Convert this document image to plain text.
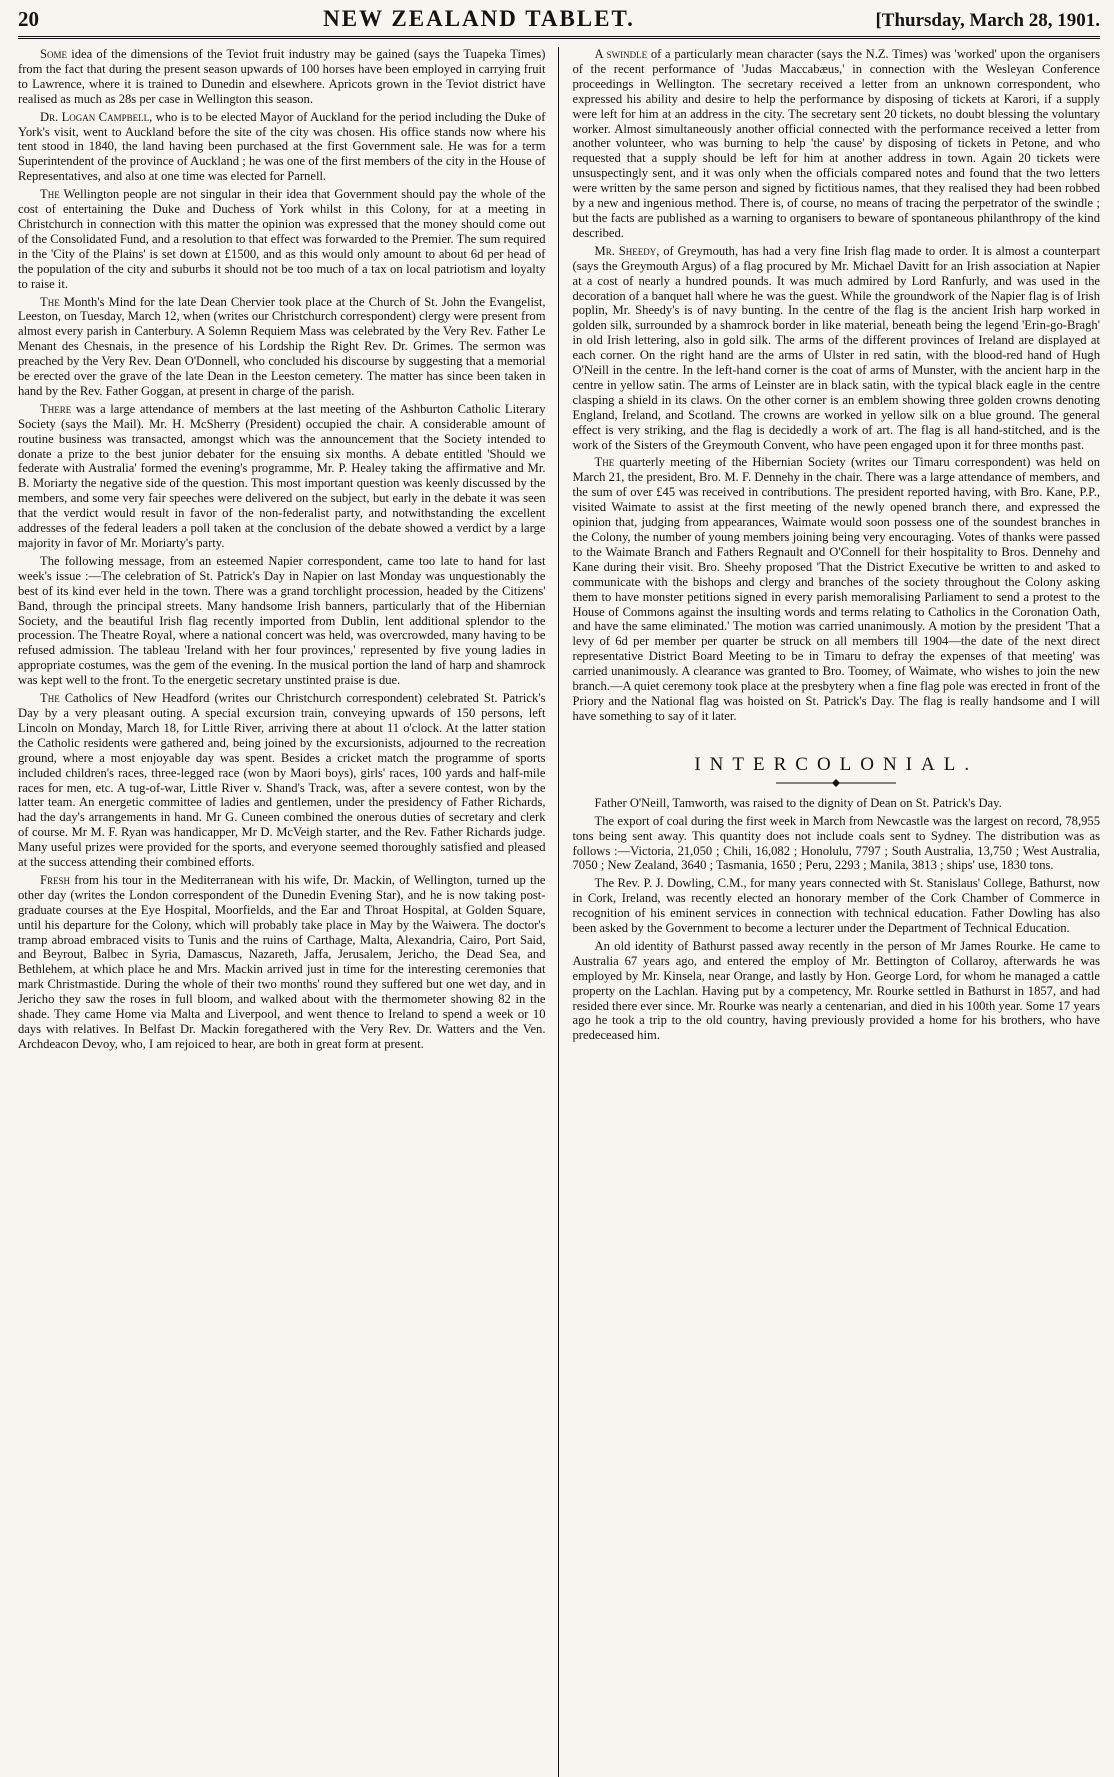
20	NEW ZEALAND TABLET.	[Thursday, March 28, 1901.

Some idea of the dimensions of the Teviot fruit industry may be gained (says the Tuapeka Times) from the fact that during the present season upwards of 100 horses have been employed in carrying fruit to Lawrence, where it is trained to Dunedin and elsewhere. Apricots grown in the Teviot district have realised as much as 28s per case in Wellington this season.

Dr. Logan Campbell, who is to be elected Mayor of Auckland for the period including the Duke of York's visit, went to Auckland before the site of the city was chosen. His office stands now where his tent stood in 1840, the land having been purchased at the first Government sale. He was for a term Superintendent of the province of Auckland ; he was one of the first members of the city in the House of Representatives, and also at one time was elected for Parnell.

The Wellington people are not singular in their idea that Government should pay the whole of the cost of entertaining the Duke and Duchess of York whilst in this Colony, for at a meeting in Christchurch in connection with this matter the opinion was expressed that the money should come out of the Consolidated Fund, and a resolution to that effect was forwarded to the Premier. The sum required in the 'City of the Plains' is set down at £1500, and as this would only amount to about 6d per head of the population of the city and suburbs it should not be too much of a tax on local patriotism and loyalty to raise it.

The Month's Mind for the late Dean Chervier took place at the Church of St. John the Evangelist, Leeston, on Tuesday, March 12, when (writes our Christchurch correspondent) clergy were present from almost every parish in Canterbury. A Solemn Requiem Mass was celebrated by the Very Rev. Father Le Menant des Chesnais, in the presence of his Lordship the Right Rev. Dr. Grimes. The sermon was preached by the Very Rev. Dean O'Donnell, who concluded his discourse by suggesting that a memorial be erected over the grave of the late Dean in the Leeston cemetery. The matter has since been taken in hand by the Rev. Father Goggan, at present in charge of the parish.

There was a large attendance of members at the last meeting of the Ashburton Catholic Literary Society (says the Mail). Mr. H. McSherry (President) occupied the chair. A considerable amount of routine business was transacted, amongst which was the announcement that the Society intended to donate a prize to the best junior debater for the ensuing six months. A debate entitled 'Should we federate with Australia' formed the evening's programme, Mr. P. Healey taking the affirmative and Mr. B. Moriarty the negative side of the question. This most important question was keenly discussed by the members, and some very fair speeches were delivered on the subject, but early in the debate it was seen that the verdict would result in favor of the non-federalist party, and notwithstanding the excellent addresses of the federal leaders a poll taken at the conclusion of the debate showed a verdict by a large majority in favor of Mr. Moriarty's party.

The following message, from an esteemed Napier correspondent, came too late to hand for last week's issue :—The celebration of St. Patrick's Day in Napier on last Monday was unquestionably the best of its kind ever held in the town. There was a grand torchlight procession, headed by the Citizens' Band, through the principal streets. Many handsome Irish banners, particularly that of the Hibernian Society, and the beautiful Irish flag recently imported from Dublin, lent additional splendor to the procession. The Theatre Royal, where a national concert was held, was overcrowded, many having to be refused admission. The tableau 'Ireland with her four provinces,' represented by five young ladies in appropriate costumes, was the gem of the evening. In the musical portion the land of harp and shamrock was kept well to the front. To the energetic secretary unstinted praise is due.

The Catholics of New Headford (writes our Christchurch correspondent) celebrated St. Patrick's Day by a very pleasant outing. A special excursion train, conveying upwards of 150 persons, left Lincoln on Monday, March 18, for Little River, arriving there at about 11 o'clock. At the latter station the Catholic residents were gathered and, being joined by the excursionists, adjourned to the recreation ground, where a most enjoyable day was spent. Besides a cricket match the programme of sports included children's races, three-legged race (won by Maori boys), girls' races, 100 yards and half-mile races for men, etc. A tug-of-war, Little River v. Shand's Track, was, after a severe contest, won by the latter team. An energetic committee of ladies and gentlemen, under the presidency of Father Richards, had the day's arrangements in hand. Mr G. Cuneen combined the onerous duties of secretary and clerk of course. Mr M. F. Ryan was handicapper, Mr D. McVeigh starter, and the Rev. Father Richards judge. Many useful prizes were provided for the sports, and everyone seemed thoroughly satisfied and pleased at the success attending their combined efforts.

Fresh from his tour in the Mediterranean with his wife, Dr. Mackin, of Wellington, turned up the other day (writes the London correspondent of the Dunedin Evening Star), and he is now taking post-graduate courses at the Eye Hospital, Moorfields, and the Ear and Throat Hospital, at Golden Square, until his departure for the Colony, which will probably take place in May by the Waiwera. The doctor's tramp abroad embraced visits to Tunis and the ruins of Carthage, Malta, Alexandria, Cairo, Port Said, and Beyrout, Balbec in Syria, Damascus, Nazareth, Jaffa, Jerusalem, Jericho, the Dead Sea, and Bethlehem, at which place he and Mrs. Mackin arrived just in time for the interesting ceremonies that mark Christmastide. During the whole of their two months' round they suffered but one wet day, and in Jericho they saw the roses in full bloom, and walked about with the thermometer showing 82 in the shade. They came Home via Malta and Liverpool, and went thence to Ireland to spend a week or 10 days with relatives. In Belfast Dr. Mackin foregathered with the Very Rev. Dr. Watters and the Ven. Archdeacon Devoy, who, I am rejoiced to hear, are both in great form at present.

A swindle of a particularly mean character (says the N.Z. Times) was 'worked' upon the organisers of the recent performance of 'Judas Maccabæus,' in connection with the Wesleyan Conference proceedings in Wellington. The secretary received a letter from an unknown correspondent, who expressed his ability and desire to help the performance by disposing of tickets at Karori, if a supply were left for him at an address in the city. The secretary sent 20 tickets, no doubt blessing the voluntary worker. Almost simultaneously another official connected with the performance received a letter from another volunteer, who was burning to help 'the cause' by disposing of tickets in Petone, and who requested that a supply should be left for him at another address in town. Again 20 tickets were unsuspectingly sent, and it was only when the officials compared notes and found that the two letters were written by the same person and signed by fictitious names, that they realised they had been robbed by a new and ingenious method. There is, of course, no means of tracing the perpetrator of the swindle ; but the facts are published as a warning to organisers to beware of spontaneous philanthropy of the kind described.

Mr. Sheedy, of Greymouth, has had a very fine Irish flag made to order. It is almost a counterpart (says the Greymouth Argus) of a flag procured by Mr. Michael Davitt for an Irish association at Napier at a cost of nearly a hundred pounds. It was much admired by Lord Ranfurly, and was used in the decoration of a banquet hall where he was the guest. While the groundwork of the Napier flag is of Irish poplin, Mr. Sheedy's is of navy bunting. In the centre of the flag is the ancient Irish harp worked in golden silk, surrounded by a shamrock border in like material, beneath being the legend 'Erin-go-Bragh' in old Irish lettering, also in gold silk. The arms of the different provinces of Ireland are displayed at each corner. On the right hand are the arms of Ulster in red satin, with the blood-red hand of Hugh O'Neill in the centre. In the left-hand corner is the coat of arms of Munster, with the ancient harp in the centre in yellow satin. The arms of Leinster are in black satin, with the typical black eagle in the centre clasping a shield in its claws. On the other corner is an emblem showing three golden crowns denoting England, Ireland, and Scotland. The crowns are worked in yellow silk on a blue ground. The general effect is very striking, and the flag is decidedly a work of art. The flag is all hand-stitched, and is the work of the Sisters of the Greymouth Convent, who have peen engaged upon it for three months past.

The quarterly meeting of the Hibernian Society (writes our Timaru correspondent) was held on March 21, the president, Bro. M. F. Dennehy in the chair. There was a large attendance of members, and the sum of over £45 was received in contributions. The president reported having, with Bro. Kane, P.P., visited Waimate to assist at the first meeting of the newly opened branch there, and expressed the opinion that, judging from appearances, Waimate would soon possess one of the soundest branches in the Colony, the number of young members joining being very encouraging. Votes of thanks were passed to the Waimate Branch and Fathers Regnault and O'Connell for their hospitality to Bros. Dennehy and Kane during their visit. Bro. Sheehy proposed 'That the District Executive be written to and asked to communicate with the bishops and clergy and branches of the society throughout the Colony asking them to have monster petitions signed in every parish memoralising Parliament to send a protest to the House of Commons against the insulting words and terms relating to Catholics in the Coronation Oath, and have the same eliminated.' The motion was carried unanimously. A motion by the president 'That a levy of 6d per member per quarter be struck on all members till 1904—the date of the next direct representative District Board Meeting to be in Timaru to defray the expenses of that meeting' was carried unanimously. A clearance was granted to Bro. Toomey, of Waimate, who wishes to join the new branch.—A quiet ceremony took place at the presbytery when a fine flag pole was erected in front of the Priory and the National flag was hoisted on St. Patrick's Day. The flag is really handsome and I will have something to say of it later.

INTERCOLONIAL.

Father O'Neill, Tamworth, was raised to the dignity of Dean on St. Patrick's Day.

The export of coal during the first week in March from Newcastle was the largest on record, 78,955 tons being sent away. This quantity does not include coals sent to Sydney. The distribution was as follows :—Victoria, 21,050 ; Chili, 16,082 ; Honolulu, 7797 ; South Australia, 13,750 ; West Australia, 7050 ; New Zealand, 3640 ; Tasmania, 1650 ; Peru, 2293 ; Manila, 3813 ; ships' use, 1830 tons.

The Rev. P. J. Dowling, C.M., for many years connected with St. Stanislaus' College, Bathurst, now in Cork, Ireland, was recently elected an honorary member of the Cork Chamber of Commerce in recognition of his eminent services in connection with technical education. Father Dowling has also been asked by the Government to become a lecturer under the Department of Technical Education.

An old identity of Bathurst passed away recently in the person of Mr James Rourke. He came to Australia 67 years ago, and entered the employ of Mr. Bettington of Collaroy, afterwards he was employed by Mr. Kinsela, near Orange, and lastly by Hon. George Lord, for whom he managed a cattle property on the Lachlan. Having put by a competency, Mr. Rourke settled in Bathurst in 1857, and had resided there ever since. Mr. Rourke was nearly a centenarian, and died in his 100th year. Some 17 years ago he took a trip to the old country, having previously provided a home for his brothers, who have predeceased him.
